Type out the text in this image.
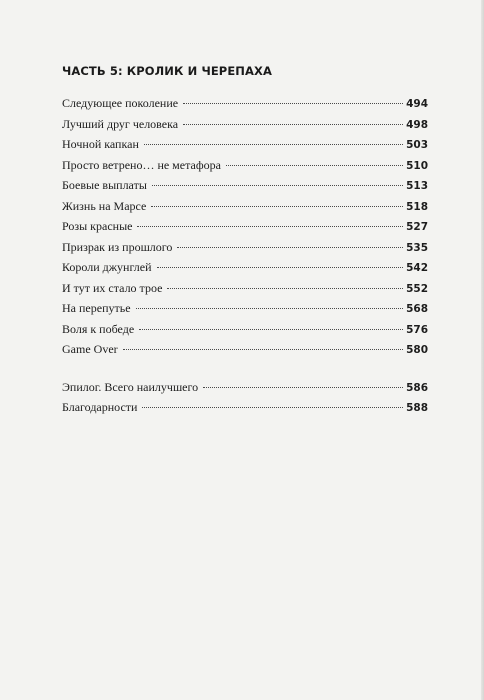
ЧАСТЬ 5: КРОЛИК И ЧЕРЕПАХА
Следующее поколение	494
Лучший друг человека	498
Ночной капкан	503
Просто ветрено… не метафора	510
Боевые выплаты	513
Жизнь на Марсе	518
Розы красные	527
Призрак из прошлого	535
Короли джунглей	542
И тут их стало трое	552
На перепутье	568
Воля к победе	576
Game Over	580
Эпилог. Всего наилучшего	586
Благодарности	588
